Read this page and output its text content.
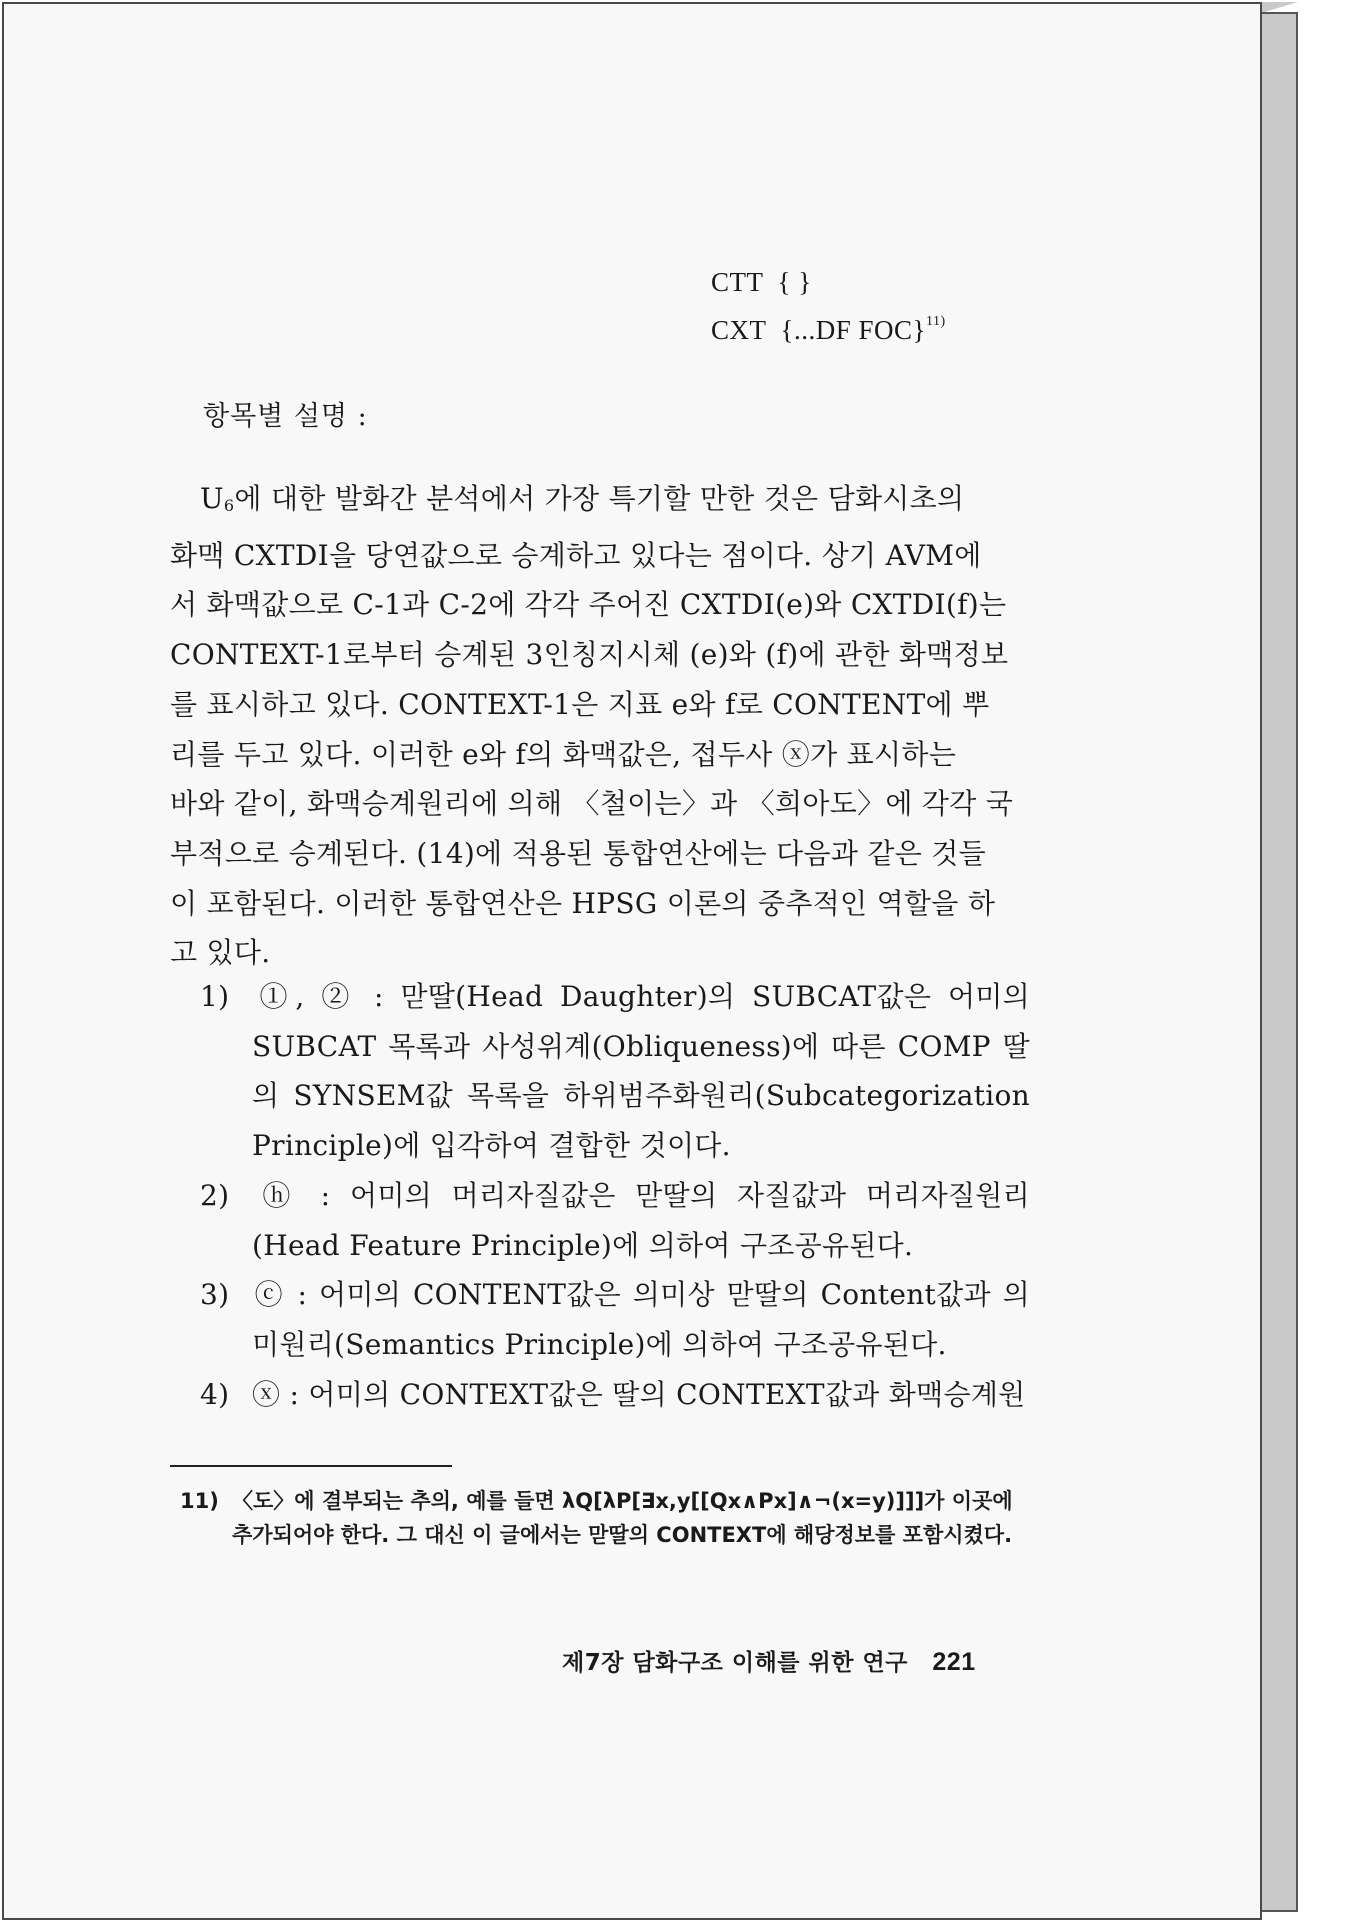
CTT { }
CXT {...DF FOC}$^{11)}$
항목별 설명 :
$U_6$에 대한 발화간 분석에서 가장 특기할 만한 것은 담화시초의
화맥 CXTDI을 당연값으로 승계하고 있다는 점이다. 상기 AVM에
서 화맥값으로 C-1과 C-2에 각각 주어진 CXTDI(e)와 CXTDI(f)는
CONTEXT-1로부터 승계된 3인칭지시체 (e)와 (f)에 관한 화맥정보
를 표시하고 있다. CONTEXT-1은 지표 e와 f로 CONTENT에 뿌
리를 두고 있다. 이러한 e와 f의 화맥값은, 접두사 ⓧ가 표시하는
바와 같이, 화맥승계원리에 의해 〈철이는〉과 〈희아도〉에 각각 국
부적으로 승계된다. (14)에 적용된 통합연산에는 다음과 같은 것들
이 포함된다. 이러한 통합연산은 HPSG 이론의 중추적인 역할을 하
고 있다.
1) ①, ② : 맏딸(Head Daughter)의 SUBCAT값은 어미의 SUBCAT 목록과 사성위계(Obliqueness)에 따른 COMP 딸의 SYNSEM값 목록을 하위범주화원리(Subcategorization Principle)에 입각하여 결합한 것이다.
2) ⓗ : 어미의 머리자질값은 맏딸의 자질값과 머리자질원리(Head Feature Principle)에 의하여 구조공유된다.
3) ⓒ : 어미의 CONTENT값은 의미상 맏딸의 Content값과 의미원리(Semantics Principle)에 의하여 구조공유된다.
4) ⓧ : 어미의 CONTEXT값은 딸의 CONTEXT값과 화맥승계원
11) 〈도〉에 결부되는 추의, 예를 들면 λQ[λP[∃x,y[[Qx∧Px]∧¬(x=y)]]]가 이곳에 추가되어야 한다. 그 대신 이 글에서는 맏딸의 CONTEXT에 해당정보를 포함시켰다.
제7장 담화구조 이해를 위한 연구 221
